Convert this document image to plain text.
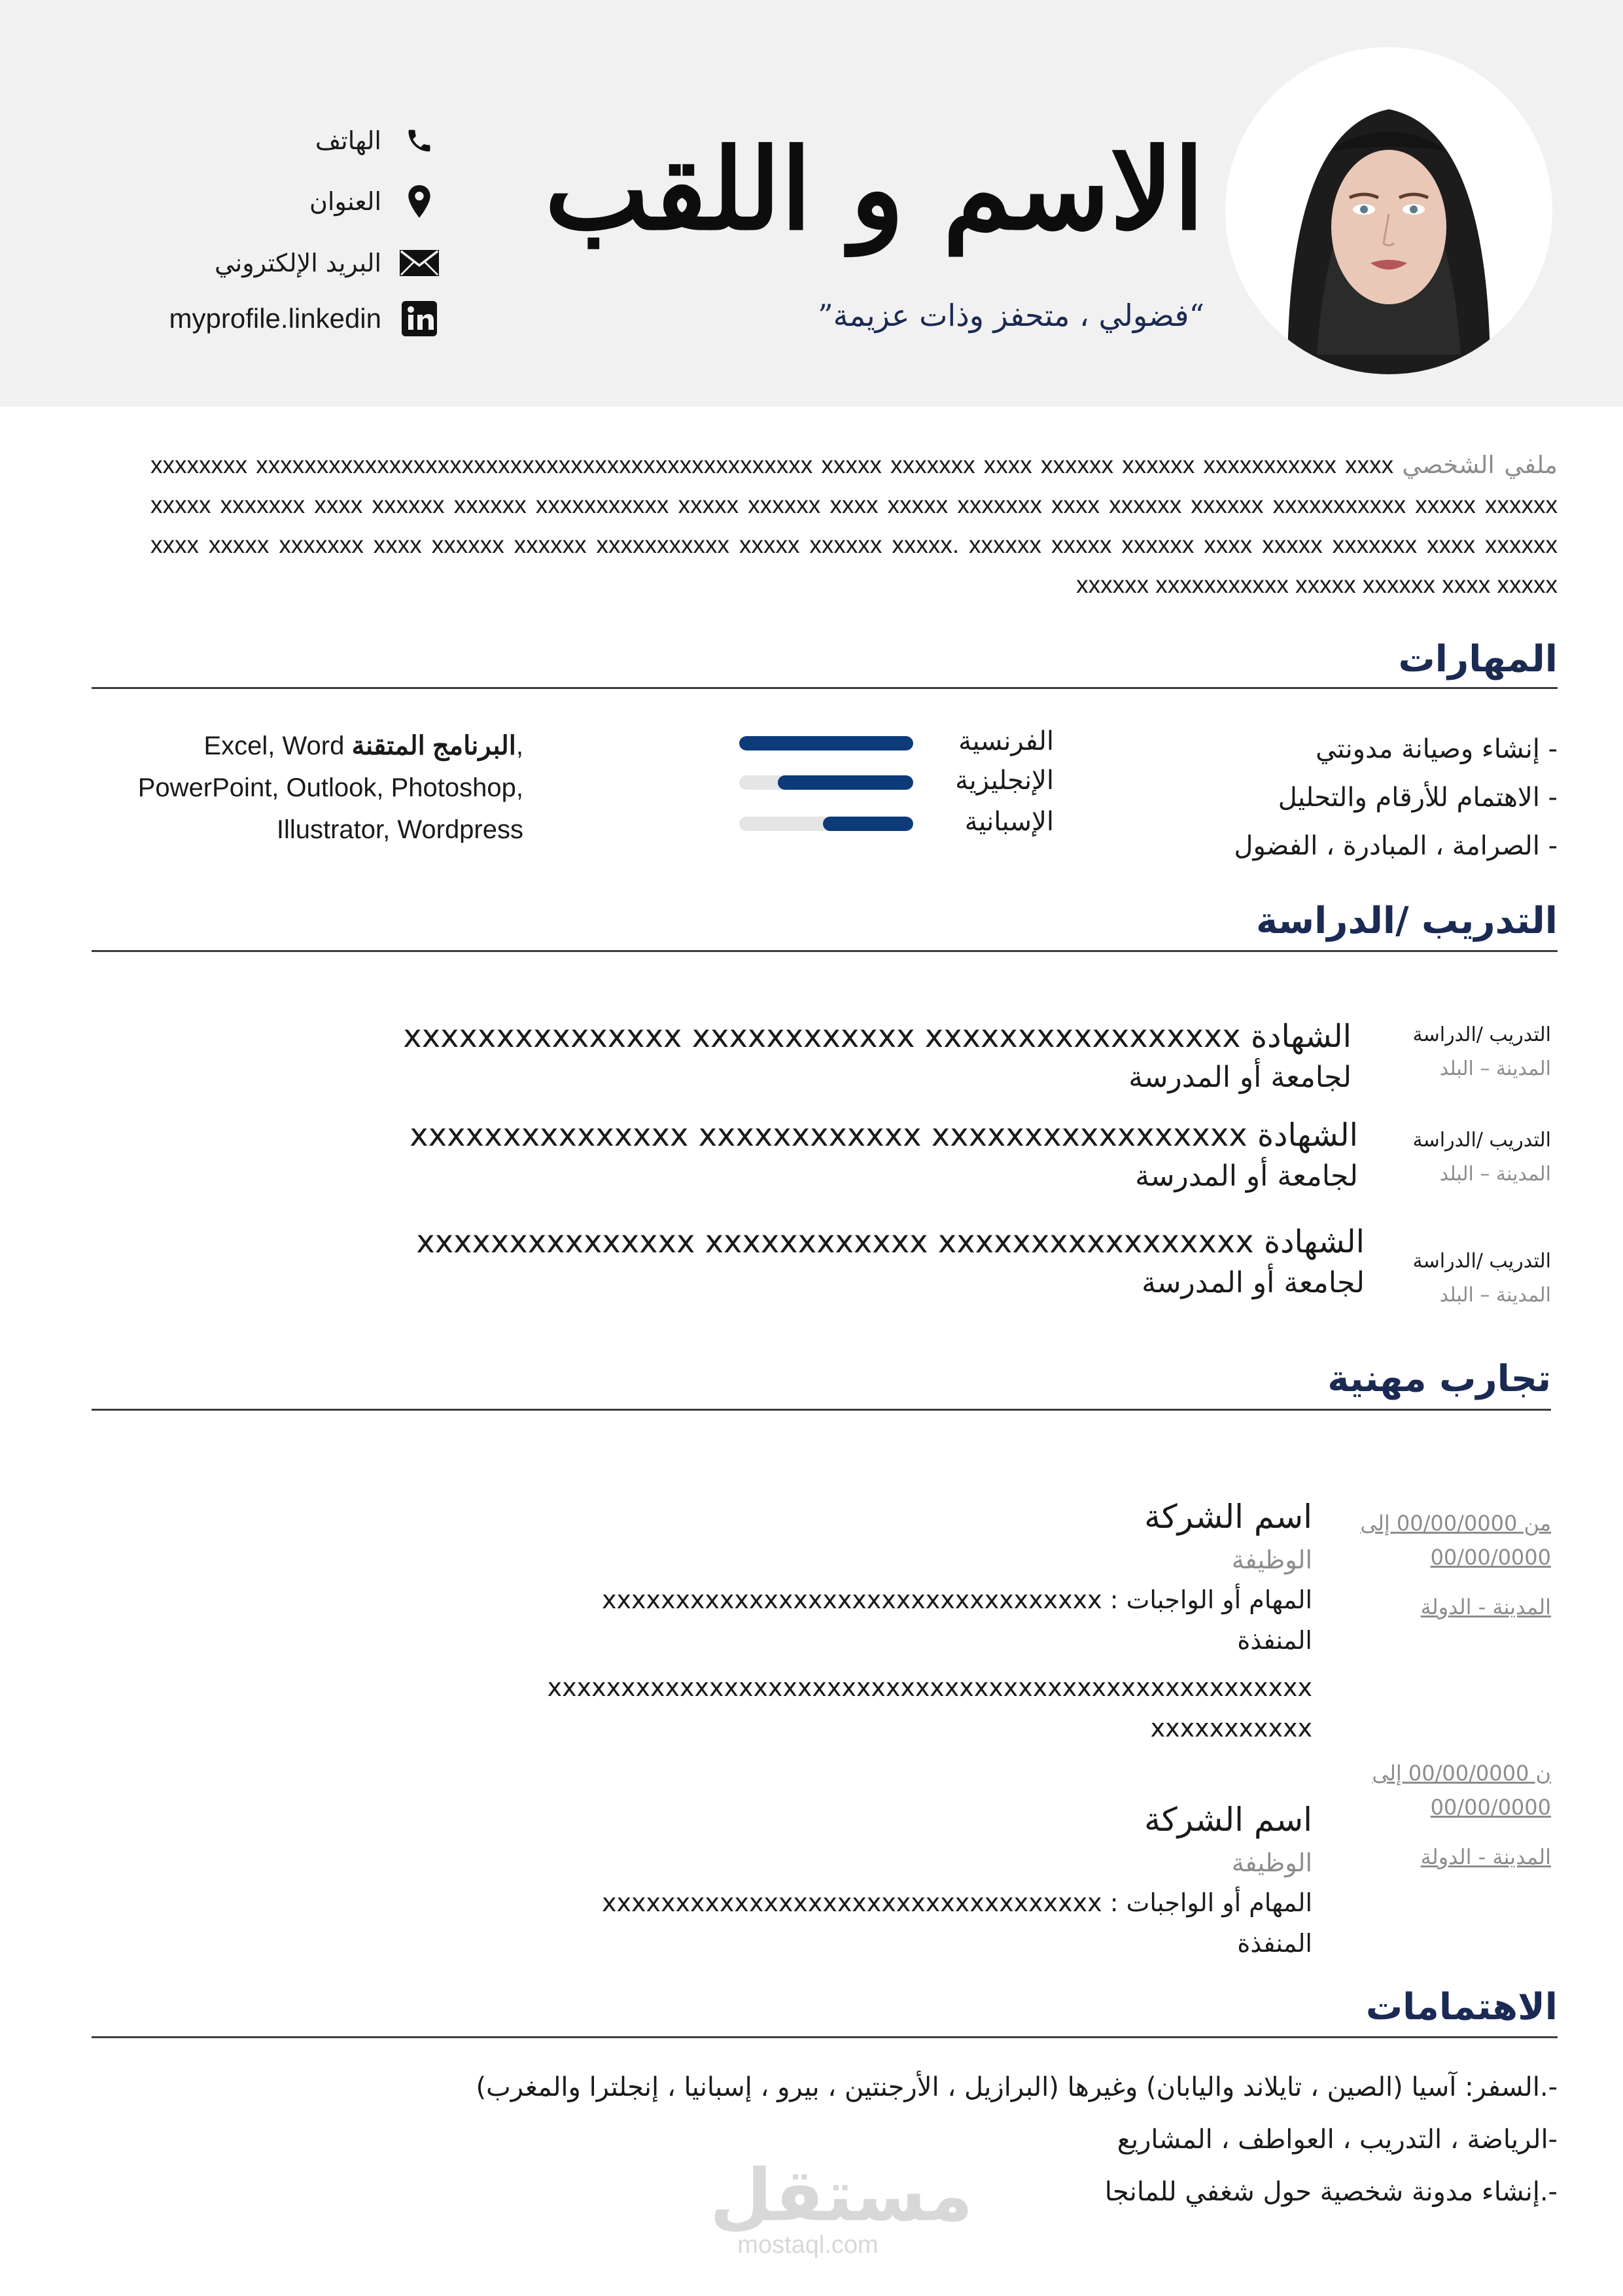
الاسم و اللقب
“فضولي ، متحفز وذات عزيمة”
الهاتف
العنوان
البريد الإلكتروني
myprofile.linkedin
ملفي الشخصي xxxxxxxx xxxxxxxxxxxxxxxxxxxxxxxxxxxxxxxxxxxxxxxxxxxxxx xxxxx xxxxxxx xxxx xxxxxx xxxxxx xxxxxxxxxxx xxxx xxxxx xxxxxxx xxxx xxxxxx xxxxxx xxxxxxxxxxx xxxxx xxxxxx xxxx xxxxx xxxxxxx xxxx xxxxxx xxxxxx xxxxxxxxxxx xxxxx xxxxxx xxxx xxxxx xxxxxxx xxxx xxxxxx xxxxxx xxxxxxxxxxx xxxxx xxxxxx xxxxx. xxxxxx xxxxx xxxxxx xxxx xxxxx xxxxxxx xxxx xxxxxx xxxxxx xxxxxxxxxxx xxxxx xxxxxx xxxx xxxxx
المهارات
- إنشاء وصيانة مدونتي
- الاهتمام للأرقام والتحليل
- الصرامة ، المبادرة ، الفضول
الفرنسية
الإنجليزية
الإسبانية
Excel, Word البرنامج المتقنة,
PowerPoint, Outlook, Photoshop,
Illustrator, Wordpress
التدريب /الدراسة
التدريب /الدراسة
المدينة – البلد
الشهادة xxxxxxxxxxxxxxx xxxxxxxxxxxx xxxxxxxxxxxxxxxxx
لجامعة أو المدرسة
التدريب /الدراسة
المدينة – البلد
الشهادة xxxxxxxxxxxxxxx xxxxxxxxxxxx xxxxxxxxxxxxxxxxx
لجامعة أو المدرسة
التدريب /الدراسة
المدينة – البلد
الشهادة xxxxxxxxxxxxxxx xxxxxxxxxxxx xxxxxxxxxxxxxxxxx
لجامعة أو المدرسة
تجارب مهنية
من 00/00/0000 إلى
00/00/0000
المدينة - الدولة
اسم الشركة
الوظيفة
المهام أو الواجبات : xxxxxxxxxxxxxxxxxxxxxxxxxxxxxxxxxx
المنفذة
xxxxxxxxxxxxxxxxxxxxxxxxxxxxxxxxxxxxxxxxxxxxxxxxxxxx
xxxxxxxxxxx
ن 00/00/0000 إلى
00/00/0000
المدينة - الدولة
اسم الشركة
الوظيفة
المهام أو الواجبات : xxxxxxxxxxxxxxxxxxxxxxxxxxxxxxxxxx
المنفذة
الاهتمامات
-.السفر: آسيا (الصين ، تايلاند واليابان) وغيرها (البرازيل ، الأرجنتين ، بيرو ، إسبانيا ، إنجلترا والمغرب)
-الرياضة ، التدريب ، العواطف ، المشاريع
-.إنشاء مدونة شخصية حول شغفي للمانجا
مستقل
mostaql.com
